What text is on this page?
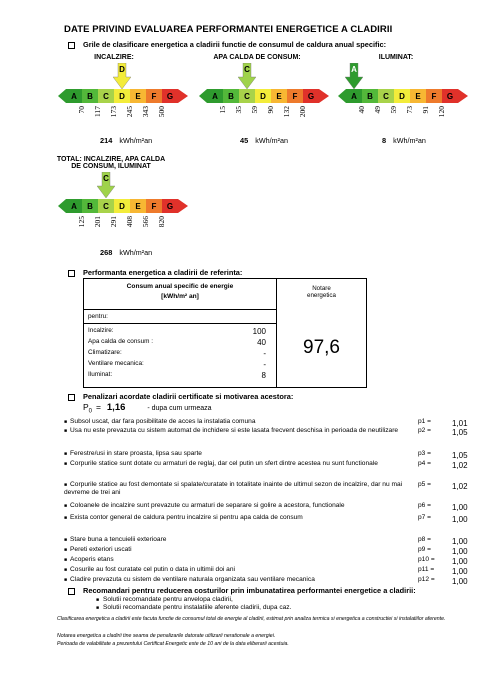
DATE PRIVIND EVALUAREA PERFORMANTEI ENERGETICE A CLADIRII
Grile de clasificare energetica a cladirii functie de consumul de caldura anual specific:
INCALZIRE:
A	B	C	D	E	F	G
70 117 173 245 343 500
D
214 kWh/m²an
APA CALDA DE CONSUM:
A	B	C	D	E	F	G
15 35 59 90 132 200
C
45 kWh/m²an
ILUMINAT:
A	B	C	D	E	F	G
40 49 59 73 91 120
A
8 kWh/m²an
TOTAL: INCALZIRE, APA CALDA DE CONSUM, ILUMINAT
A	B	C	D	E	F	G
125 201 291 408 566 820
C
268 kWh/m²an
Performanta energetica a cladirii de referinta:
Consum anual specific de energie
[kWh/m² an]
Notare
energetica
pentru:
Incalzire:	100
Apa calda de consum :	40
Climatizare:	-
Ventilare mecanica:	-
Iluminat:	8
97,6
Penalizari acordate cladirii certificate si motivarea acestora:
$P_0 = 1,16$	- dupa cum urmeaza
■ Subsol uscat, dar fara posibilitate de acces la instalatia comuna	p1 =	1,01
■ Usa nu este prevazuta cu sistem automat de inchidere si este lasata frecvent deschisa in perioada de neutilizare	p2 =	1,05
■ Ferestre/usi in stare proasta, lipsa sau sparte	p3 =	1,05
■ Corpurile statice sunt dotate cu armaturi de reglaj, dar cel putin un sfert dintre acestea nu sunt functionale	p4 =	1,02
■ Corpurile statice au fost demontate si spalate/curatate in totalitate inainte de ultimul sezon de incalzire, dar nu mai devreme de trei ani
p5 =	1,02
■ Coloanele de incalzire sunt prevazute cu armaturi de separare si golire a acestora, functionale	p6 =	1,00
■ Exista contor general de caldura pentru incalzire si pentru apa calda de consum	p7 =	1,00
■ Stare buna a tencuielii exterioare	p8 =	1,00
■ Pereti exteriori uscati	p9 =	1,00
■ Acoperis etans	p10 =	1,00
■ Cosurile au fost curatate cel putin o data in ultimii doi ani	p11 =	1,00
■ Cladire prevazuta cu sistem de ventilare naturala organizata sau ventilare mecanica	p12 =	1,00
Recomandari pentru reducerea costurilor prin imbunatatirea performantei energetice a cladirii:
■ Solutii recomandate pentru anvelopa cladirii,
■ Solutii recomandate pentru instalatiile aferente cladirii, dupa caz.
Clasificarea energetica a cladirii este facuta functie de consumul total de energie al cladirii, estimat prin analiza termica si energetica a constructiei si instalatiilor aferente.
Notarea energetica a cladirii tine seama de penalizarile datorate utilizarii nerationale a energiei.
Perioada de valabilitate a prezentului Certificat Energetic este de 10 ani de la data eliberarii acestuia.
